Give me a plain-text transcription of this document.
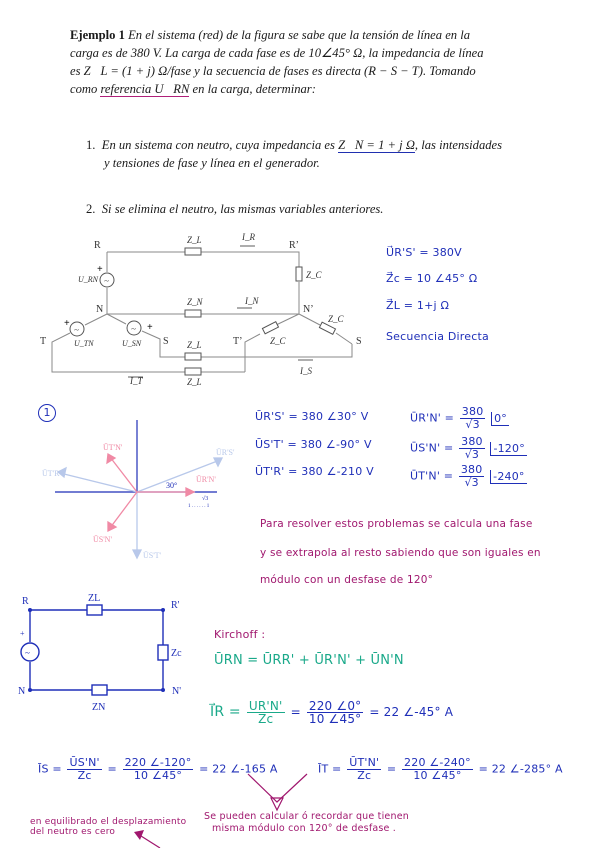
Ejemplo 1 En el sistema (red) de la figura se sabe que la tensión de línea en la
carga es de 380 V. La carga de cada fase es de 10∠45° Ω, la impedancia de línea
es Z⃗L = (1 + j) Ω/fase y la secuencia de fases es directa (R − S − T). Tomando
como referencia U⃗RN en la carga, determinar:
1. En un sistema con neutro, cuya impedancia es Z⃗N = 1 + j Ω, las intensidades
y tensiones de fase y línea en el generador.
2. Si se elimina el neutro, las mismas variables anteriores.
~
~	~
R	R’
N	N’
T	S	T’	S
Z_L
Z_C
Z_N
Z_L
Z_L
Z_C
Z_C
I_R
I_N
I_S
I_T
U_RN
U_TN	U_SN
+
+	+
U⃗R'S' = 380V
Z⃗c = 10 ∠45° Ω
Z⃗L = 1+j Ω
Secuencia Directa
1
ŪR'S'
ŪT'R'
ŪS'T'
ŪR'N'
ŪT'N'
ŪS'N'
30°
√3
1 . . . . . . 1
ŪR'S' = 380 ∠30° V
ŪS'T' = 380 ∠-90° V
ŪT'R' = 380 ∠-210 V
ŪR'N' = $\frac{380}{√3} 0^\circ$
ŪS'N' = $\frac{380}{√3} -120^\circ$
ŪT'N' = $\frac{380}{√3} -240^\circ$
Para resolver estos problemas se calcula una fase
y se extrapola al resto sabiendo que son iguales en
módulo con un desfase de 120°
~
R	R'
N	N'
ZL
Zc
ZN
+	Kirchoff :
ŪRN = ŪRR' + ŪR'N' + ŪN'N
I⃗R = $\frac{UR'N'}{Zc} = \frac{220 \angle 0^\circ}{10 \angle 45^\circ} = 22$ ∠-45° A
ĪS = $\frac{ŪS'N'}{Zc} = \frac{220 \angle-120^\circ}{10 \angle 45^\circ} = 22$ ∠-165 A	ĪT = $\frac{ŪT'N'}{Zc} = \frac{220 \angle-240^\circ}{10 \angle 45^\circ} = 22$ ∠-285° A
en equilibrado el desplazamiento
del neutro es cero
Se pueden calcular ó recordar que tienen
misma módulo con 120° de desfase .
